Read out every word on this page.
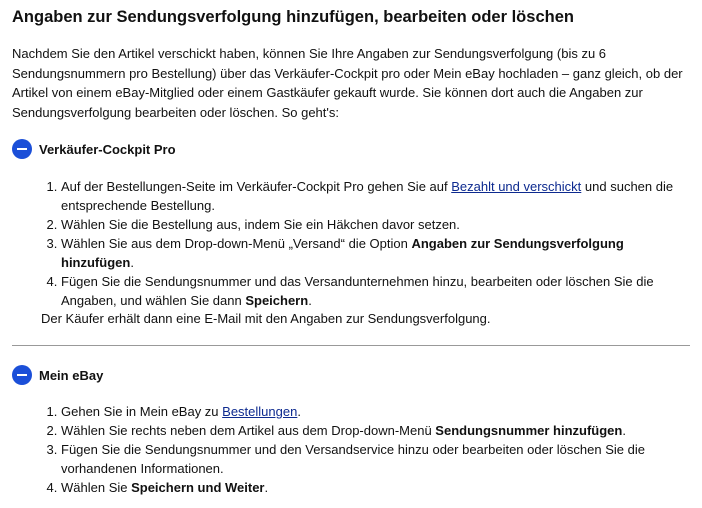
Angaben zur Sendungsverfolgung hinzufügen, bearbeiten oder löschen

Nachdem Sie den Artikel verschickt haben, können Sie Ihre Angaben zur Sendungsverfolgung (bis zu 6 Sendungsnummern pro Bestellung) über das Verkäufer-Cockpit pro oder Mein eBay hochladen – ganz gleich, ob der Artikel von einem eBay-Mitglied oder einem Gastkäufer gekauft wurde. Sie können dort auch die Angaben zur Sendungsverfolgung bearbeiten oder löschen. So geht's:

Verkäufer-Cockpit Pro
1. Auf der Bestellungen-Seite im Verkäufer-Cockpit Pro gehen Sie auf Bezahlt und verschickt und suchen die entsprechende Bestellung.
2. Wählen Sie die Bestellung aus, indem Sie ein Häkchen davor setzen.
3. Wählen Sie aus dem Drop-down-Menü „Versand“ die Option Angaben zur Sendungsverfolgung hinzufügen.
4. Fügen Sie die Sendungsnummer und das Versandunternehmen hinzu, bearbeiten oder löschen Sie die Angaben, und wählen Sie dann Speichern.

Der Käufer erhält dann eine E-Mail mit den Angaben zur Sendungsverfolgung.

Mein eBay
1. Gehen Sie in Mein eBay zu Bestellungen.
2. Wählen Sie rechts neben dem Artikel aus dem Drop-down-Menü Sendungsnummer hinzufügen.
3. Fügen Sie die Sendungsnummer und den Versandservice hinzu oder bearbeiten oder löschen Sie die vorhandenen Informationen.
4. Wählen Sie Speichern und Weiter.
